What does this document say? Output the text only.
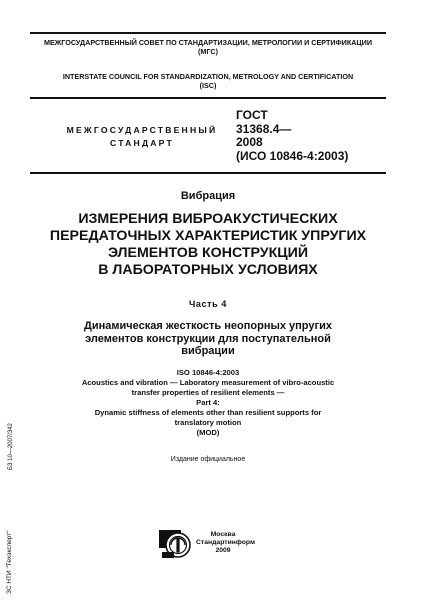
МЕЖГОСУДАРСТВЕННЫЙ СОВЕТ ПО СТАНДАРТИЗАЦИИ, МЕТРОЛОГИИ И СЕРТИФИКАЦИИ
(МГС)
INTERSTATE COUNCIL FOR STANDARDIZATION, METROLOGY AND CERTIFICATION
(ISC)
МЕЖГОСУДАРСТВЕННЫЙ
СТАНДАРТ
ГОСТ
31368.4—
2008
(ИСО 10846-4:2003)
Вибрация
ИЗМЕРЕНИЯ ВИБРОАКУСТИЧЕСКИХ
ПЕРЕДАТОЧНЫХ ХАРАКТЕРИСТИК УПРУГИХ
ЭЛЕМЕНТОВ КОНСТРУКЦИЙ
В ЛАБОРАТОРНЫХ УСЛОВИЯХ
Часть 4
Динамическая жесткость неопорных упругих
элементов конструкции для поступательной
вибрации
ISO 10846-4:2003
Acoustics and vibration — Laboratory measurement of vibro-acoustic
transfer properties of resilient elements —
Part 4:
Dynamic stiffness of elements other than resilient supports for
translatory motion
(MOD)
Издание официальное
БЗ 10—2007/342
ЗС НТИ "Техэксперт"	Москва
Стандартинформ
2009
